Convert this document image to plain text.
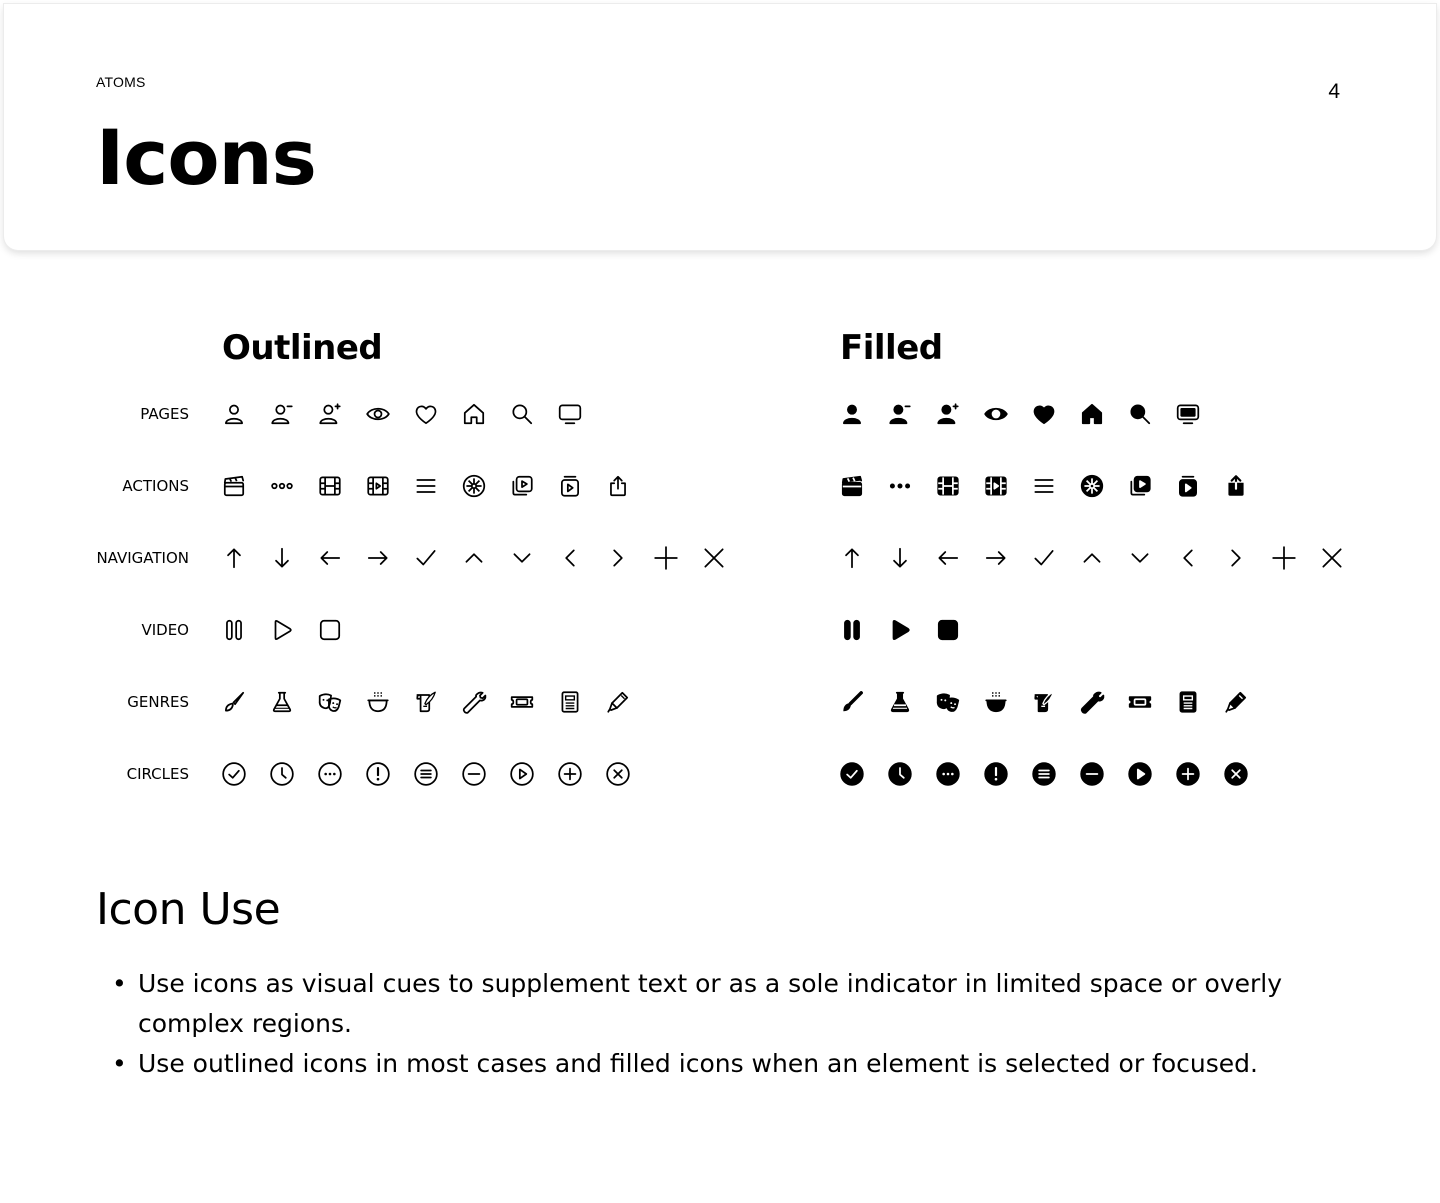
ATOMS	4
Icons
Outlined	Filled
PAGES
ACTIONS
NAVIGATION
VIDEO
GENRES
CIRCLES
Icon Use
• Use icons as visual cues to supplement text or as a sole indicator in limited space or overly complex regions.
• Use outlined icons in most cases and filled icons when an element is selected or focused.
